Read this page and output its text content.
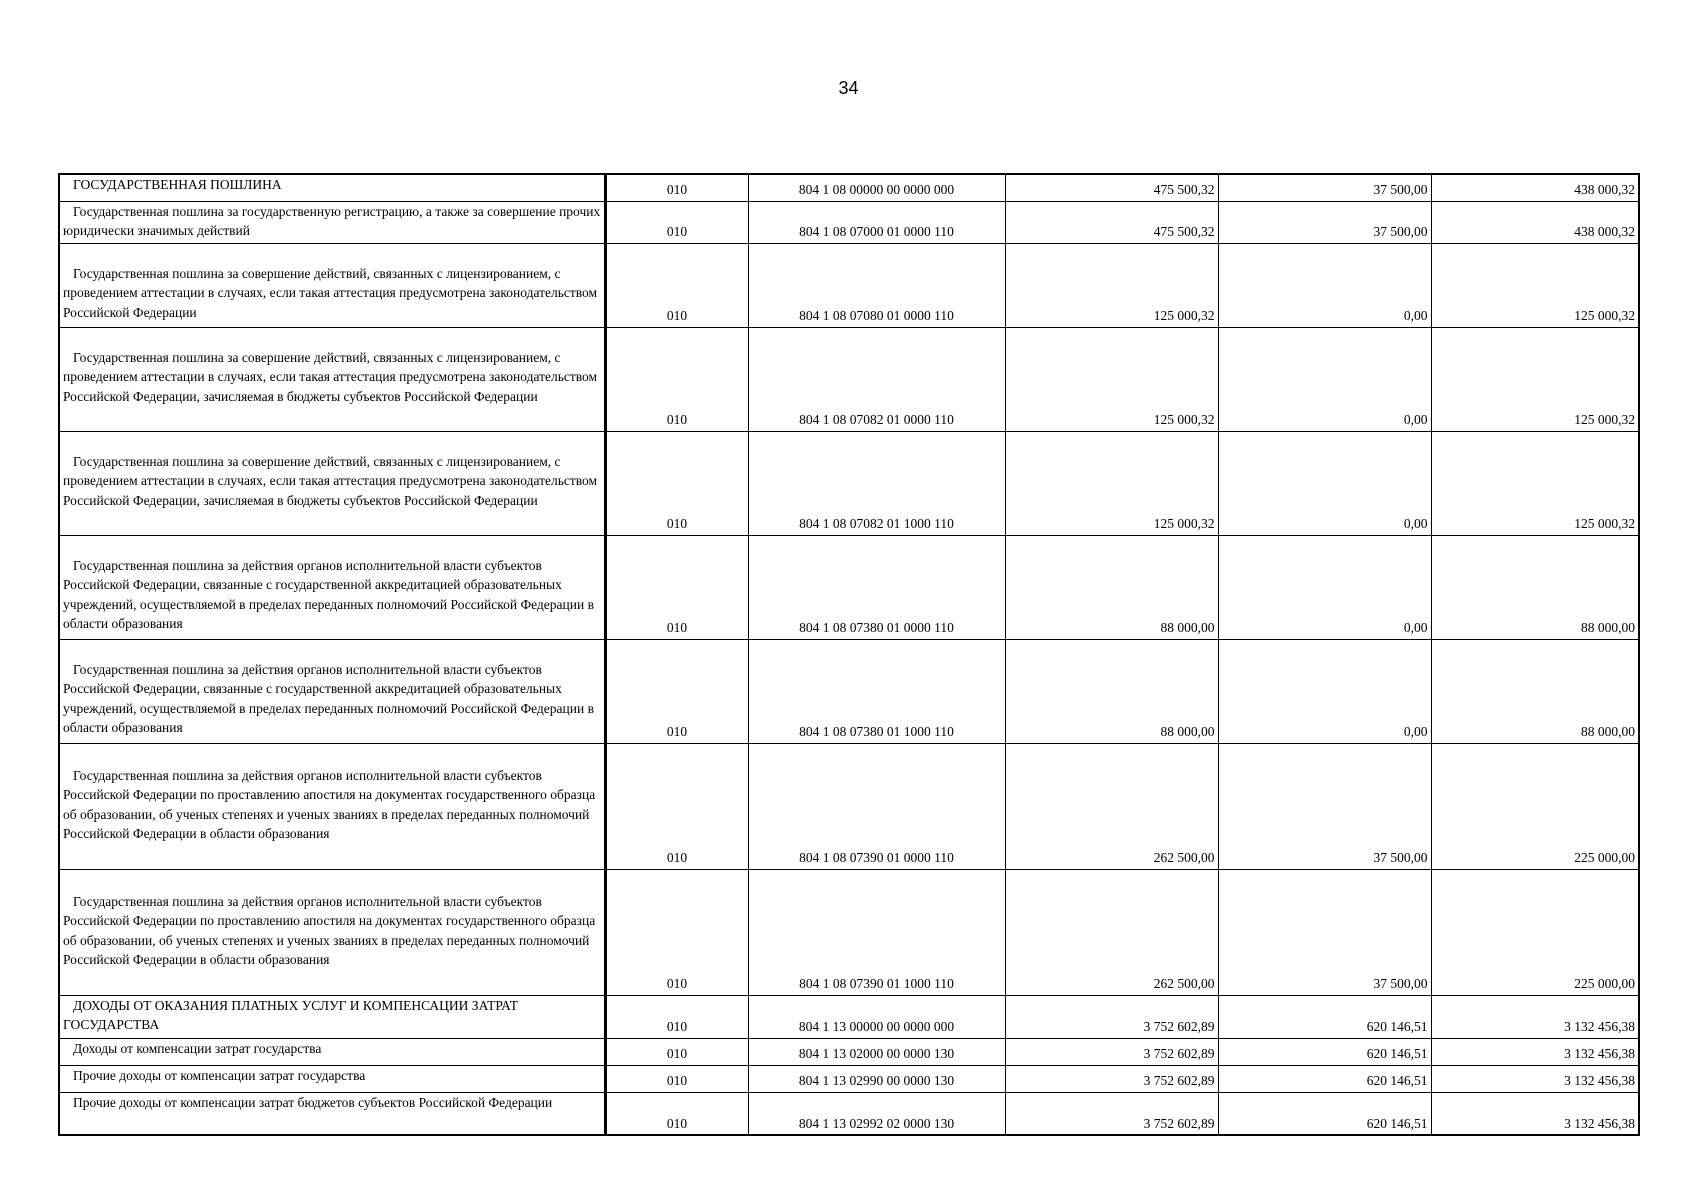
34
ГОСУДАРСТВЕННАЯ ПОШЛИНА	010	804 1 08 00000 00 0000 000	475 500,32	37 500,00	438 000,32

Государственная пошлина за государственную регистрацию, а также за совершение прочих юридически значимых действий	010	804 1 08 07000 01 0000 110	475 500,32	37 500,00	438 000,32

Государственная пошлина за совершение действий, связанных с лицензированием, с проведением аттестации в случаях, если такая аттестация предусмотрена законодательством Российской Федерации	010	804 1 08 07080 01 0000 110	125 000,32	0,00	125 000,32

Государственная пошлина за совершение действий, связанных с лицензированием, с проведением аттестации в случаях, если такая аттестация предусмотрена законодательством Российской Федерации, зачисляемая в бюджеты субъектов Российской Федерации	010	804 1 08 07082 01 0000 110	125 000,32	0,00	125 000,32

Государственная пошлина за совершение действий, связанных с лицензированием, с проведением аттестации в случаях, если такая аттестация предусмотрена законодательством Российской Федерации, зачисляемая в бюджеты субъектов Российской Федерации	010	804 1 08 07082 01 1000 110	125 000,32	0,00	125 000,32

Государственная пошлина за действия органов исполнительной власти субъектов Российской Федерации, связанные с государственной аккредитацией образовательных учреждений, осуществляемой в пределах переданных полномочий Российской Федерации в области образования	010	804 1 08 07380 01 0000 110	88 000,00	0,00	88 000,00

Государственная пошлина за действия органов исполнительной власти субъектов Российской Федерации, связанные с государственной аккредитацией образовательных учреждений, осуществляемой в пределах переданных полномочий Российской Федерации в области образования	010	804 1 08 07380 01 1000 110	88 000,00	0,00	88 000,00

Государственная пошлина за действия органов исполнительной власти субъектов Российской Федерации по проставлению апостиля на документах государственного образца об образовании, об ученых степенях и ученых званиях в пределах переданных полномочий Российской Федерации в области образования	010	804 1 08 07390 01 0000 110	262 500,00	37 500,00	225 000,00

Государственная пошлина за действия органов исполнительной власти субъектов Российской Федерации по проставлению апостиля на документах государственного образца об образовании, об ученых степенях и ученых званиях в пределах переданных полномочий Российской Федерации в области образования	010	804 1 08 07390 01 1000 110	262 500,00	37 500,00	225 000,00

ДОХОДЫ ОТ ОКАЗАНИЯ ПЛАТНЫХ УСЛУГ И КОМПЕНСАЦИИ ЗАТРАТ ГОСУДАРСТВА	010	804 1 13 00000 00 0000 000	3 752 602,89	620 146,51	3 132 456,38

Доходы от компенсации затрат государства	010	804 1 13 02000 00 0000 130	3 752 602,89	620 146,51	3 132 456,38

Прочие доходы от компенсации затрат государства	010	804 1 13 02990 00 0000 130	3 752 602,89	620 146,51	3 132 456,38

Прочие доходы от компенсации затрат бюджетов субъектов Российской Федерации	010	804 1 13 02992 02 0000 130	3 752 602,89	620 146,51	3 132 456,38
